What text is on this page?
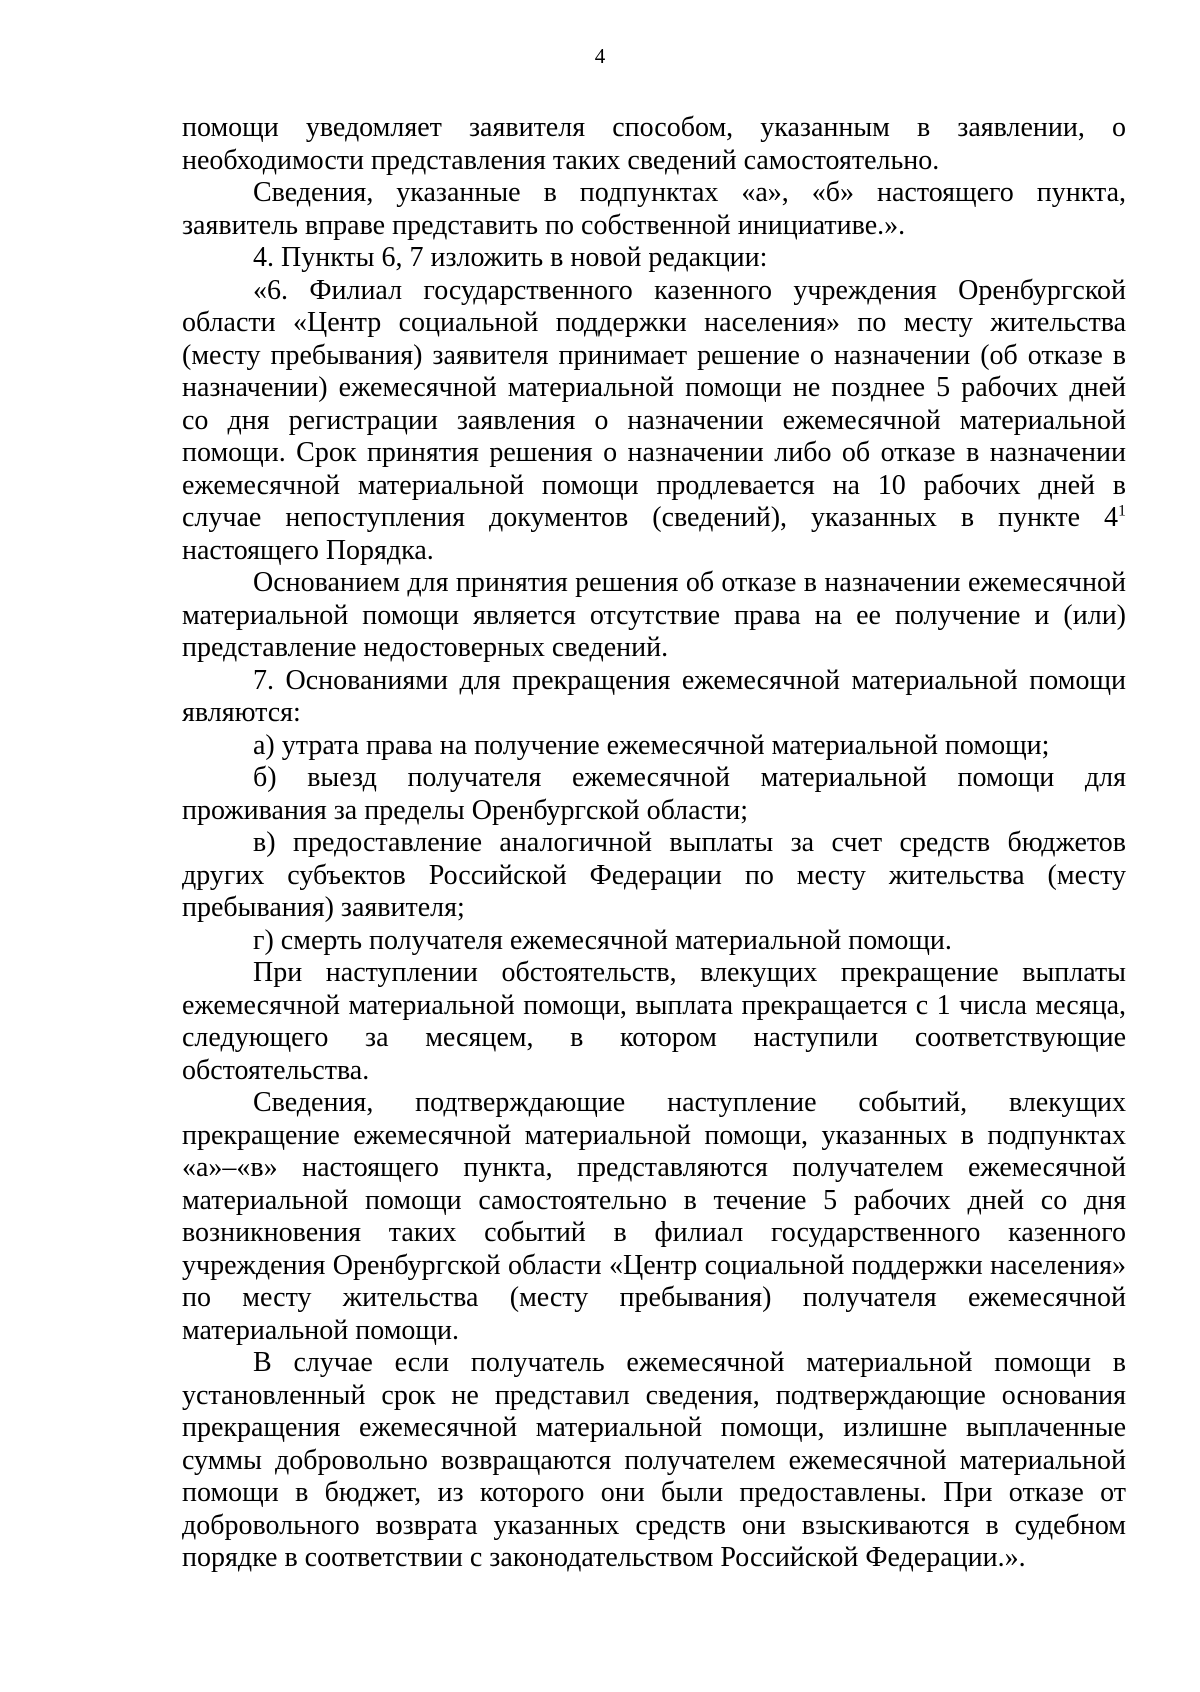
4

помощи уведомляет заявителя способом, указанным в заявлении, о необходимости представления таких сведений самостоятельно.

Сведения, указанные в подпунктах «а», «б» настоящего пункта, заявитель вправе представить по собственной инициативе.».

4. Пункты 6, 7 изложить в новой редакции:

«6. Филиал государственного казенного учреждения Оренбургской области «Центр социальной поддержки населения» по месту жительства (месту пребывания) заявителя принимает решение о назначении (об отказе в назначении) ежемесячной материальной помощи не позднее 5 рабочих дней со дня регистрации заявления о назначении ежемесячной материальной помощи. Срок принятия решения о назначении либо об отказе в назначении ежемесячной материальной помощи продлевается на 10 рабочих дней в случае непоступления документов (сведений), указанных в пункте $4^1$ настоящего Порядка.

Основанием для принятия решения об отказе в назначении ежемесячной материальной помощи является отсутствие права на ее получение и (или) представление недостоверных сведений.

7. Основаниями для прекращения ежемесячной материальной помощи являются:

а) утрата права на получение ежемесячной материальной помощи;

б) выезд получателя ежемесячной материальной помощи для проживания за пределы Оренбургской области;

в) предоставление аналогичной выплаты за счет средств бюджетов других субъектов Российской Федерации по месту жительства (месту пребывания) заявителя;

г) смерть получателя ежемесячной материальной помощи.

При наступлении обстоятельств, влекущих прекращение выплаты ежемесячной материальной помощи, выплата прекращается с 1 числа месяца, следующего за месяцем, в котором наступили соответствующие обстоятельства.

Сведения, подтверждающие наступление событий, влекущих прекращение ежемесячной материальной помощи, указанных в подпунктах «а»–«в» настоящего пункта, представляются получателем ежемесячной материальной помощи самостоятельно в течение 5 рабочих дней со дня возникновения таких событий в филиал государственного казенного учреждения Оренбургской области «Центр социальной поддержки населения» по месту жительства (месту пребывания) получателя ежемесячной материальной помощи.

В случае если получатель ежемесячной материальной помощи в установленный срок не представил сведения, подтверждающие основания прекращения ежемесячной материальной помощи, излишне выплаченные суммы добровольно возвращаются получателем ежемесячной материальной помощи в бюджет, из которого они были предоставлены. При отказе от добровольного возврата указанных средств они взыскиваются в судебном порядке в соответствии с законодательством Российской Федерации.».
